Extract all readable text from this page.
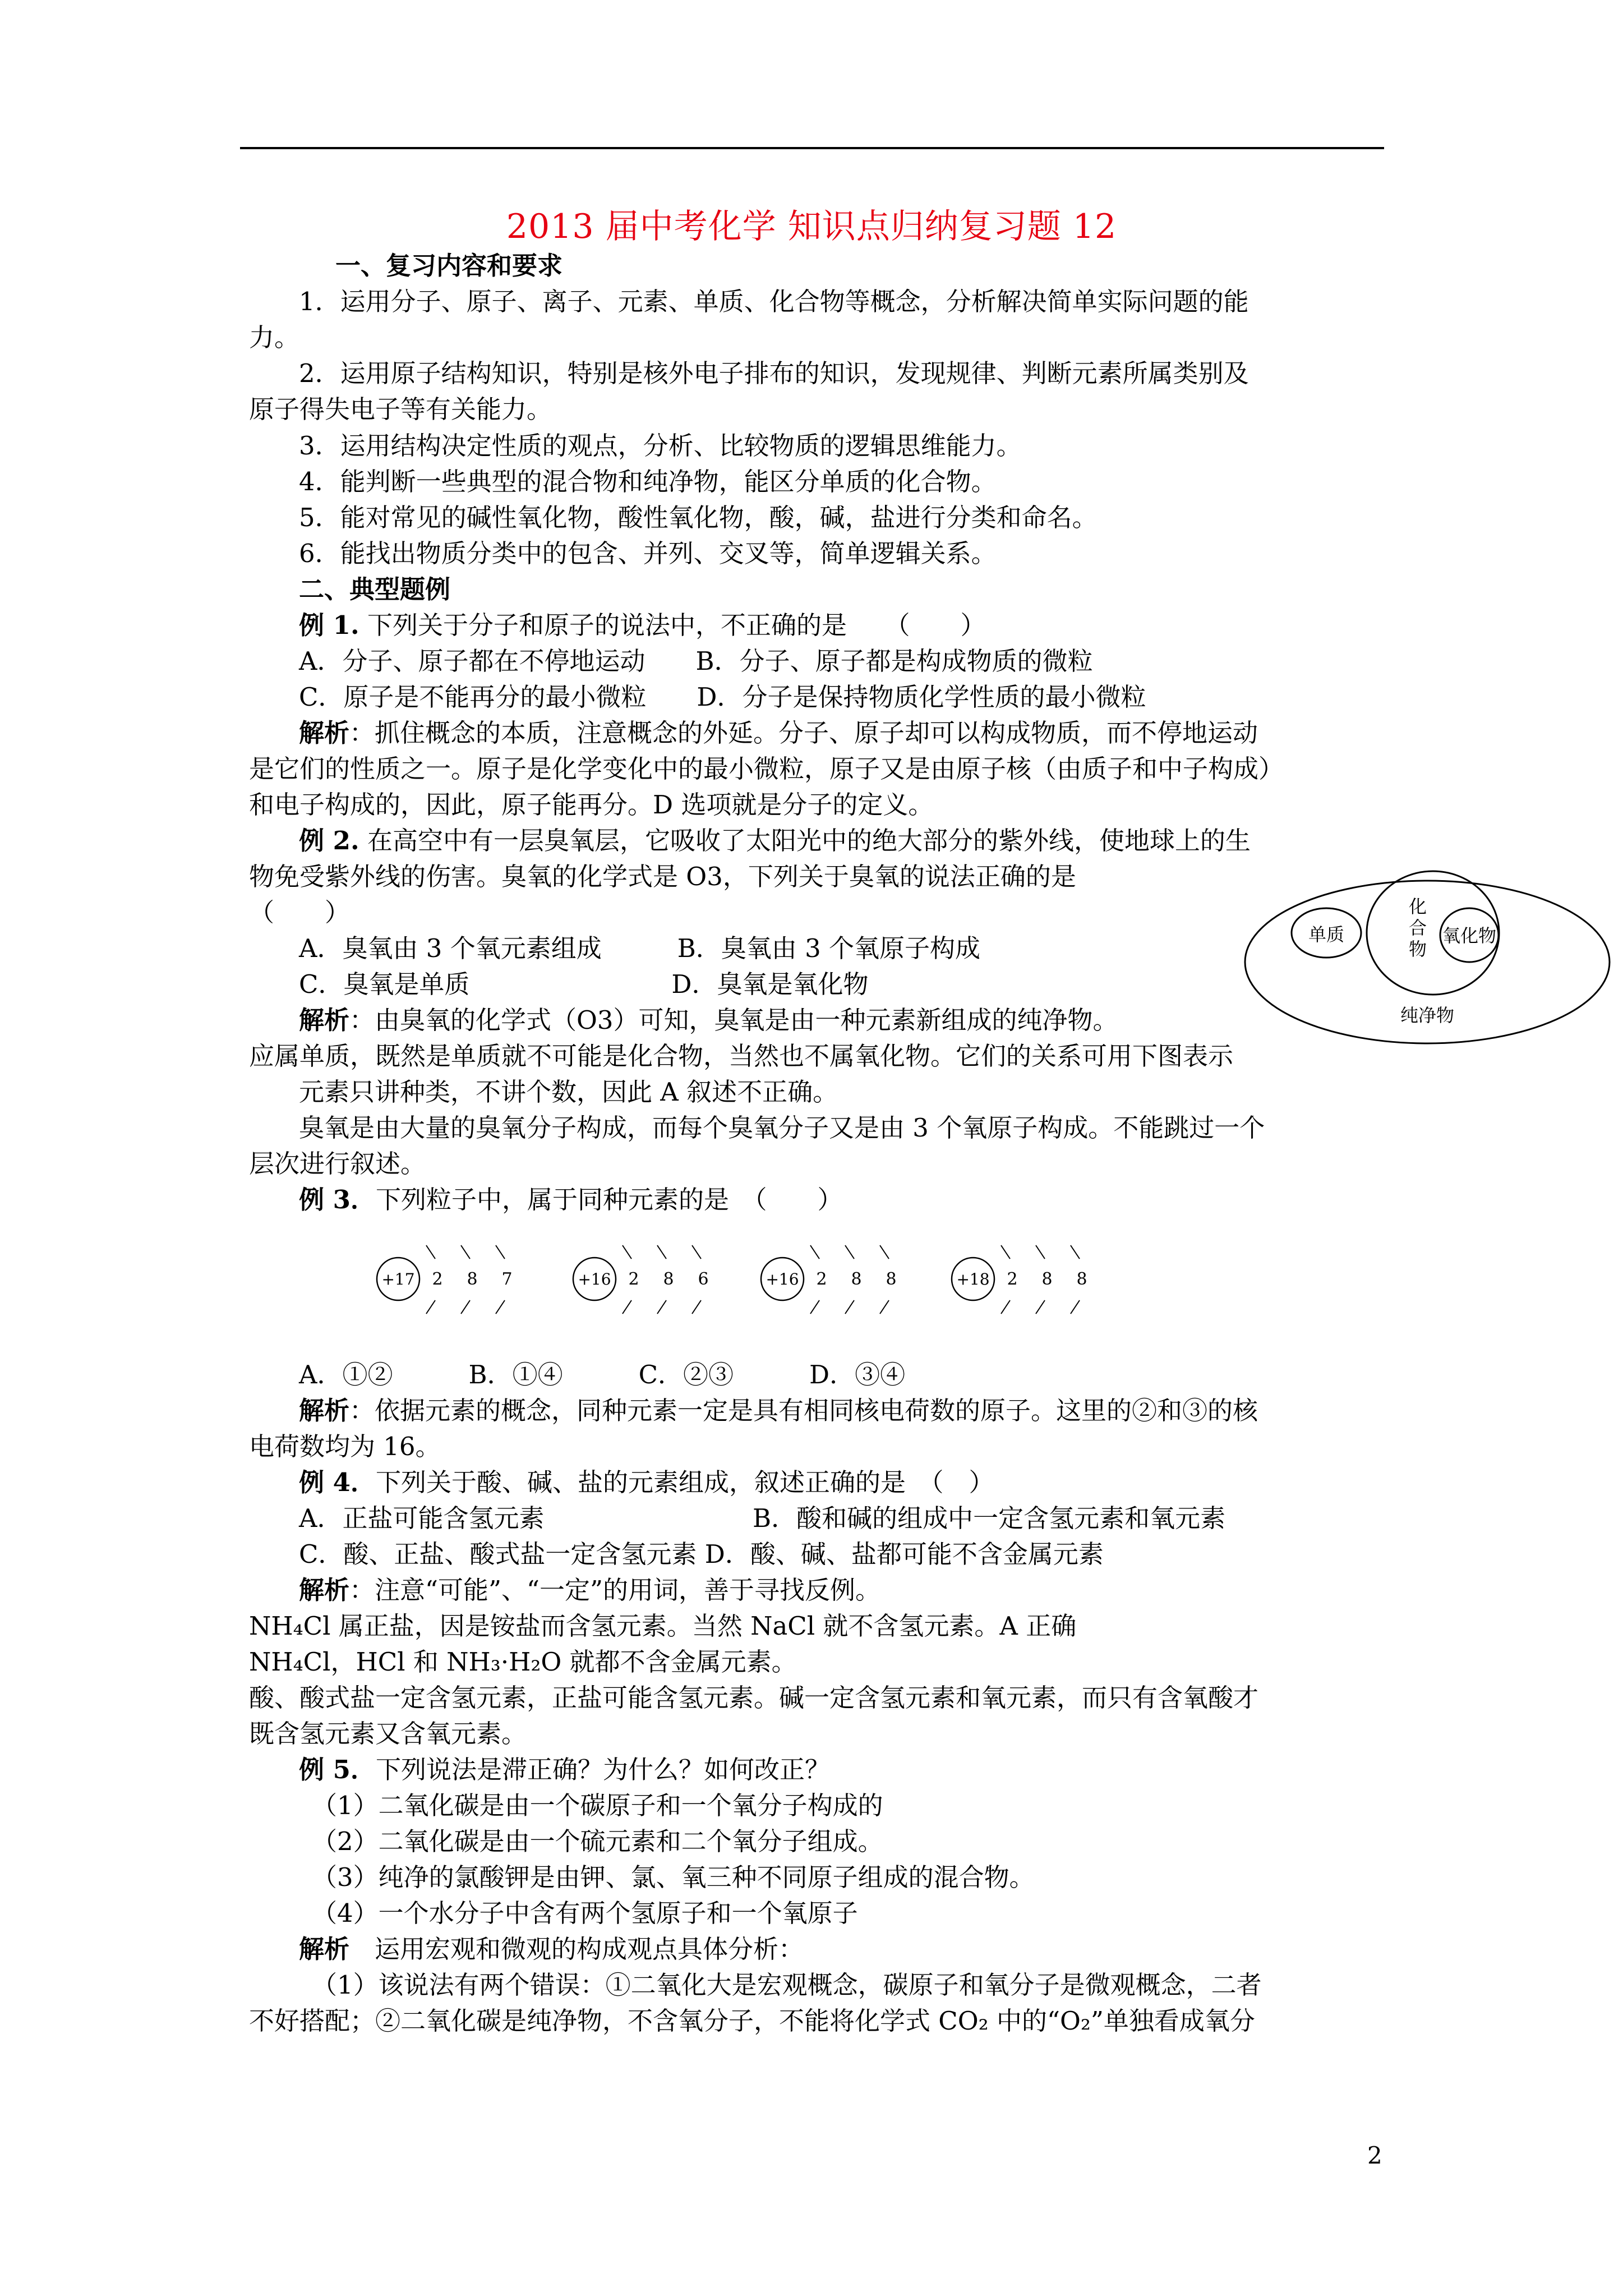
2013 届中考化学 知识点归纳复习题 12
一、复习内容和要求
1．运用分子、原子、离子、元素、单质、化合物等概念，分析解决简单实际问题的能
力。
2．运用原子结构知识，特别是核外电子排布的知识，发现规律、判断元素所属类别及
原子得失电子等有关能力。
3．运用结构决定性质的观点，分析、比较物质的逻辑思维能力。
4．能判断一些典型的混合物和纯净物，能区分单质的化合物。
5．能对常见的碱性氧化物，酸性氧化物，酸，碱，盐进行分类和命名。
6．能找出物质分类中的包含、并列、交叉等，简单逻辑关系。
二、典型题例
例 1. 下列关于分子和原子的说法中，不正确的是　　（　　）
A．分子、原子都在不停地运动　　B．分子、原子都是构成物质的微粒
C．原子是不能再分的最小微粒　　D．分子是保持物质化学性质的最小微粒
解析：抓住概念的本质，注意概念的外延。分子、原子却可以构成物质，而不停地运动
是它们的性质之一。原子是化学变化中的最小微粒，原子又是由原子核（由质子和中子构成）
和电子构成的，因此，原子能再分。D 选项就是分子的定义。
例 2. 在高空中有一层臭氧层，它吸收了太阳光中的绝大部分的紫外线，使地球上的生
物免受紫外线的伤害。臭氧的化学式是 O3，下列关于臭氧的说法正确的是
（　　）
A．臭氧由 3 个氧元素组成　　　B．臭氧由 3 个氧原子构成
C．臭氧是单质　　　　　　　　D．臭氧是氧化物
解析：由臭氧的化学式（O3）可知，臭氧是由一种元素新组成的纯净物。
应属单质，既然是单质就不可能是化合物，当然也不属氧化物。它们的关系可用下图表示
元素只讲种类，不讲个数，因此 A 叙述不正确。
臭氧是由大量的臭氧分子构成，而每个臭氧分子又是由 3 个氧原子构成。不能跳过一个
层次进行叙述。
单质
化
合
物
氧化物
纯净物
例 3．下列粒子中，属于同种元素的是　（　　）
+17 2 8 7	+16 2 8 6	+16 2 8 8	+18 2 8 8
A．①②　　　B．①④　　　C．②③　　　D．③④
解析：依据元素的概念，同种元素一定是具有相同核电荷数的原子。这里的②和③的核
电荷数均为 16。
例 4．下列关于酸、碱、盐的元素组成，叙述正确的是　（　）
A．正盐可能含氢元素	B．酸和碱的组成中一定含氢元素和氧元素
C．酸、正盐、酸式盐一定含氢元素 D．酸、碱、盐都可能不含金属元素
解析：注意“可能”、“一定”的用词，善于寻找反例。
NH₄Cl 属正盐，因是铵盐而含氢元素。当然 NaCl 就不含氢元素。A 正确
NH₄Cl，HCl 和 NH₃·H₂O 就都不含金属元素。
酸、酸式盐一定含氢元素，正盐可能含氢元素。碱一定含氢元素和氧元素，而只有含氧酸才
既含氢元素又含氧元素。
例 5．下列说法是滞正确？为什么？如何改正？
（1）二氧化碳是由一个碳原子和一个氧分子构成的
（2）二氧化碳是由一个硫元素和二个氧分子组成。
（3）纯净的氯酸钾是由钾、氯、氧三种不同原子组成的混合物。
（4）一个水分子中含有两个氢原子和一个氧原子
解析　运用宏观和微观的构成观点具体分析：
（1）该说法有两个错误：①二氧化大是宏观概念，碳原子和氧分子是微观概念，二者
不好搭配；②二氧化碳是纯净物，不含氧分子，不能将化学式 CO₂ 中的“O₂”单独看成氧分
2
